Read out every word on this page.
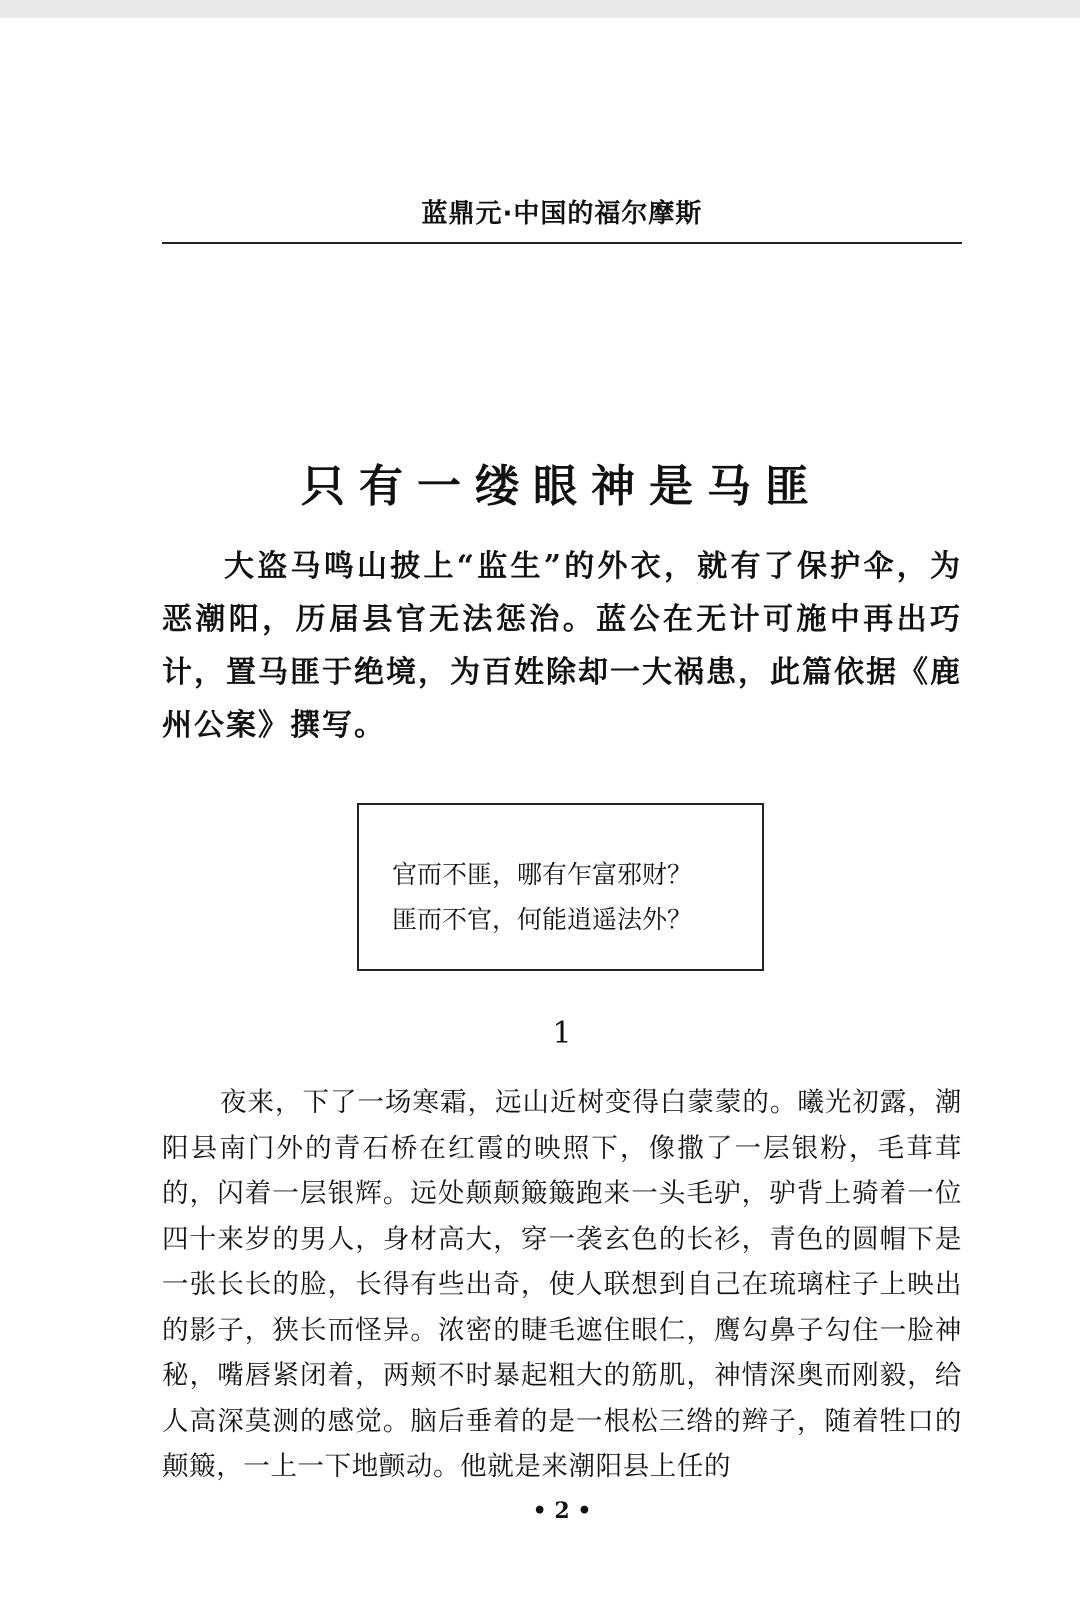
蓝鼎元·中国的福尔摩斯
只有一缕眼神是马匪

大盗马鸣山披上“监生”的外衣，就有了保护伞，为恶潮阳，历届县官无法惩治。蓝公在无计可施中再出巧计，置马匪于绝境，为百姓除却一大祸患，此篇依据《鹿州公案》撰写。

官而不匪，哪有乍富邪财？
匪而不官，何能逍遥法外？
1

夜来，下了一场寒霜，远山近树变得白蒙蒙的。曦光初露，潮阳县南门外的青石桥在红霞的映照下，像撒了一层银粉，毛茸茸的，闪着一层银辉。远处颠颠簸簸跑来一头毛驴，驴背上骑着一位四十来岁的男人，身材高大，穿一袭玄色的长衫，青色的圆帽下是一张长长的脸，长得有些出奇，使人联想到自己在琉璃柱子上映出的影子，狭长而怪异。浓密的睫毛遮住眼仁，鹰勾鼻子勾住一脸神秘，嘴唇紧闭着，两颊不时暴起粗大的筋肌，神情深奥而刚毅，给人高深莫测的感觉。脑后垂着的是一根松三绺的辫子，随着牲口的颠簸，一上一下地颤动。他就是来潮阳县上任的

• 2 •
